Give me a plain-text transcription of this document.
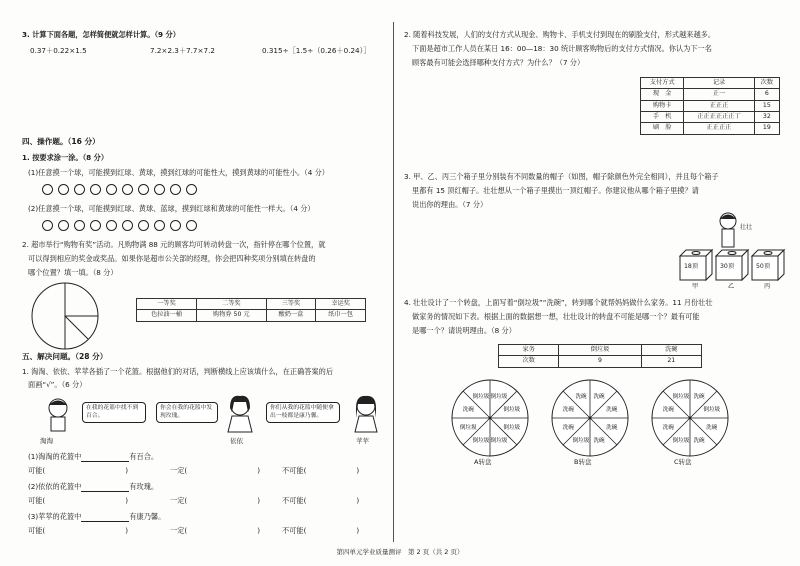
3. 计算下面各题，怎样简便就怎样计算。（9 分）
0.37＋0.22×1.5	7.2×2.3＋7.7×7.2	0.315÷［1.5÷（0.26＋0.24）］
四、操作题。（16 分）
1. 按要求涂一涂。（8 分）
(1)任意摸一个球，可能摸到红球、黄球，摸到红球的可能性大，摸到黄球的可能性小。（4 分）
(2)任意摸一个球，可能摸到红球、黄球、蓝球，摸到红球和黄球的可能性一样大。（4 分）
2. 超市举行“购物有奖”活动。凡购物满 88 元的顾客均可转动转盘一次，指针停在哪个位置，就
可以得到相应的奖金或奖品。如果你是超市公关部的经理，你会把四种奖项分别填在转盘的
哪个位置？填一填。（8 分）
一等奖	二等奖	三等奖	幸运奖
色拉油一桶	购物券 50 元	酸奶一盒	纸巾一包
五、解决问题。（28 分）
1. 淘淘、依依、苹苹各插了一个花篮。根据他们的对话，判断横线上应该填什么，在正确答案的后
面画“√”。（6 分）
在我的花篮中找不到百合。
淘淘
你会在我的花篮中发现玫瑰。
依依
你们从我的花篮中随便拿出一枝都是康乃馨。
苹苹
(1)淘淘的花篮中	有百合。
可能(	)	一定(	)	不可能(	)
(2)依依的花篮中	有玫瑰。
可能(	)	一定(	)	不可能(	)
(3)苹苹的花篮中	有康乃馨。
可能(	)	一定(	)	不可能(	)
2. 随着科技发展，人们的支付方式从现金、购物卡、手机支付到现在的刷脸支付，形式越来越多。
下面是超市工作人员在某日 16：00—18：30 统计顾客购物后的支付方式情况。你认为下一名
顾客最有可能会选择哪种支付方式？为什么？（7 分）
支付方式	记录	次数
现　金	正一	6
购物卡	正正正	15
手　机	正正正正正正丅	32
刷　脸	正正正正	19
3. 甲、乙、丙三个箱子里分别装有不同数量的帽子（如图，帽子除颜色外完全相同），并且每个箱子
里都有 15 顶红帽子。壮壮想从一个箱子里摸出一顶红帽子。你建议他从哪个箱子里摸？请
说出你的理由。（7 分）
壮壮
18顶	30顶	50顶
甲	乙	丙
4. 壮壮设计了一个转盘，上面写着“倒垃圾”“洗碗”，转到哪个就帮妈妈做什么家务。11 月份壮壮
做家务的情况如下表。根据上面的数据想一想，壮壮设计的转盘不可能是哪一个？最有可能
是哪一个？请说明理由。（8 分）
家务	倒垃圾	洗碗
次数	9	21
倒垃圾
倒垃圾
倒垃圾
倒垃圾
倒垃圾
倒垃圾
洗碗
倒垃圾	洗碗
洗碗
洗碗
洗碗
倒垃圾
洗碗
洗碗
洗碗	洗碗
倒垃圾
洗碗
洗碗
倒垃圾
洗碗
洗碗
倒垃圾
A转盘	B转盘	C转盘
第四单元学业质量测评　第 2 页（共 2 页）
